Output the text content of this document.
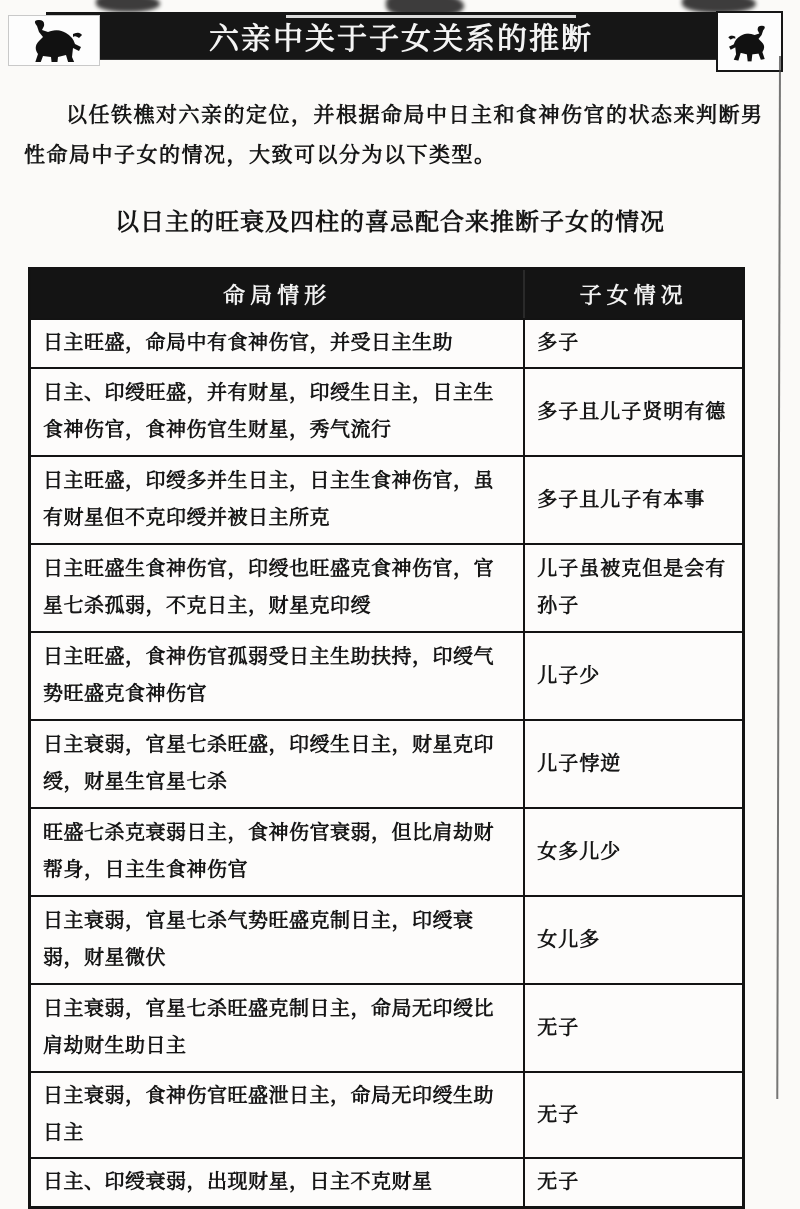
六亲中关于子女关系的推断

以任铁樵对六亲的定位，并根据命局中日主和食神伤官的状态来判断男性命局中子女的情况，大致可以分为以下类型。

以日主的旺衰及四柱的喜忌配合来推断子女的情况
命局情形	子女情况
日主旺盛，命局中有食神伤官，并受日主生助	多子
日主、印绶旺盛，并有财星，印绶生日主，日主生食神伤官，食神伤官生财星，秀气流行	多子且儿子贤明有德
日主旺盛，印绶多并生日主，日主生食神伤官，虽有财星但不克印绶并被日主所克	多子且儿子有本事
日主旺盛生食神伤官，印绶也旺盛克食神伤官，官星七杀孤弱，不克日主，财星克印绶	儿子虽被克但是会有孙子
日主旺盛，食神伤官孤弱受日主生助扶持，印绶气势旺盛克食神伤官	儿子少
日主衰弱，官星七杀旺盛，印绶生日主，财星克印绶，财星生官星七杀	儿子悖逆
旺盛七杀克衰弱日主，食神伤官衰弱，但比肩劫财帮身，日主生食神伤官	女多儿少
日主衰弱，官星七杀气势旺盛克制日主，印绶衰弱，财星微伏	女儿多
日主衰弱，官星七杀旺盛克制日主，命局无印绶比肩劫财生助日主	无子
日主衰弱，食神伤官旺盛泄日主，命局无印绶生助日主	无子
日主、印绶衰弱，出现财星，日主不克财星	无子
